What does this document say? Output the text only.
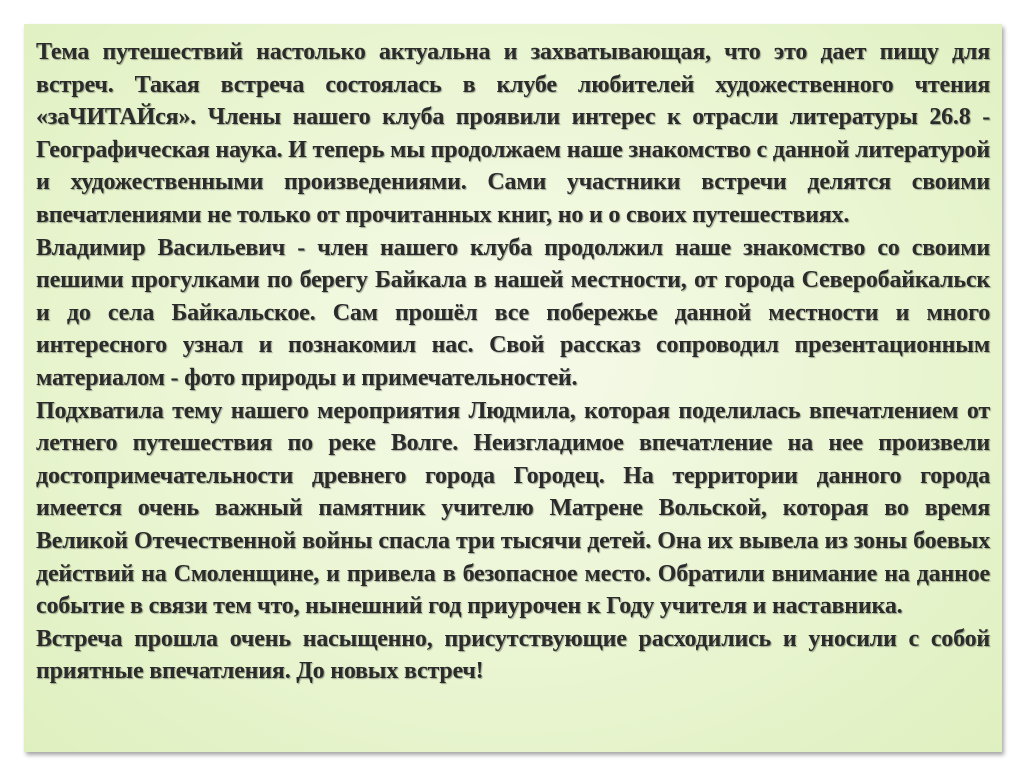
Тема путешествий настолько актуальна и захватывающая, что это дает пищу для встреч. Такая встреча состоялась в клубе любителей художественного чтения «заЧИТАЙся». Члены нашего клуба проявили интерес к отрасли литературы 26.8 - Географическая наука. И теперь мы продолжаем наше знакомство с данной литературой и художественными произведениями. Сами участники встречи делятся своими впечатлениями не только от прочитанных книг, но и о своих путешествиях.

Владимир Васильевич - член нашего клуба продолжил наше знакомство со своими пешими прогулками по берегу Байкала в нашей местности, от города Северобайкальск и до села Байкальское. Сам прошёл все побережье данной местности и много интересного узнал и познакомил нас. Свой рассказ сопроводил презентационным материалом - фото природы и примечательностей.

Подхватила тему нашего мероприятия Людмила, которая поделилась впечатлением от летнего путешествия по реке Волге. Неизгладимое впечатление на нее произвели достопримечательности древнего города Городец. На территории данного города имеется очень важный памятник учителю Матрене Вольской, которая во время Великой Отечественной войны спасла три тысячи детей. Она их вывела из зоны боевых действий на Смоленщине, и привела в безопасное место. Обратили внимание на данное событие в связи тем что, нынешний год приурочен к Году учителя и наставника.

Встреча прошла очень насыщенно, присутствующие расходились и уносили с собой приятные впечатления. До новых встреч!
